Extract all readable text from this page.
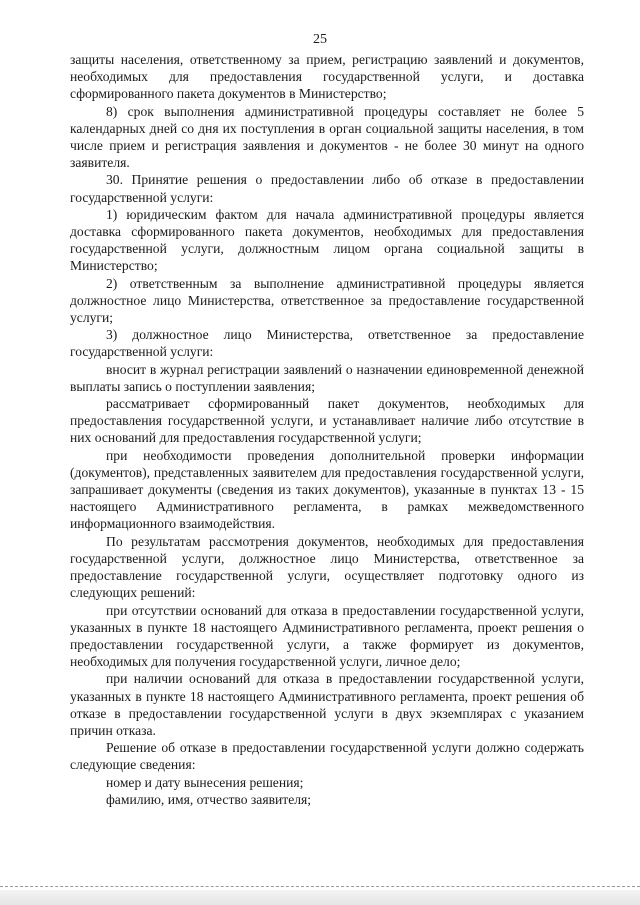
25

защиты населения, ответственному за прием, регистрацию заявлений и документов, необходимых для предоставления государственной услуги, и доставка сформированного пакета документов в Министерство;

8) срок выполнения административной процедуры составляет не более 5 календарных дней со дня их поступления в орган социальной защиты населения, в том числе прием и регистрация заявления и документов - не более 30 минут на одного заявителя.

30. Принятие решения о предоставлении либо об отказе в предоставлении государственной услуги:

1) юридическим фактом для начала административной процедуры является доставка сформированного пакета документов, необходимых для предоставления государственной услуги, должностным лицом органа социальной защиты в Министерство;

2) ответственным за выполнение административной процедуры является должностное лицо Министерства, ответственное за предоставление государственной услуги;

3) должностное лицо Министерства, ответственное за предоставление государственной услуги:

вносит в журнал регистрации заявлений о назначении единовременной денежной выплаты запись о поступлении заявления;

рассматривает сформированный пакет документов, необходимых для предоставления государственной услуги, и устанавливает наличие либо отсутствие в них оснований для предоставления государственной услуги;

при необходимости проведения дополнительной проверки информации (документов), представленных заявителем для предоставления государственной услуги, запрашивает документы (сведения из таких документов), указанные в пунктах 13 - 15 настоящего Административного регламента, в рамках межведомственного информационного взаимодействия.

По результатам рассмотрения документов, необходимых для предоставления государственной услуги, должностное лицо Министерства, ответственное за предоставление государственной услуги, осуществляет подготовку одного из следующих решений:

при отсутствии оснований для отказа в предоставлении государственной услуги, указанных в пункте 18 настоящего Административного регламента, проект решения о предоставлении государственной услуги, а также формирует из документов, необходимых для получения государственной услуги, личное дело;

при наличии оснований для отказа в предоставлении государственной услуги, указанных в пункте 18 настоящего Административного регламента, проект решения об отказе в предоставлении государственной услуги в двух экземплярах с указанием причин отказа.

Решение об отказе в предоставлении государственной услуги должно содержать следующие сведения:

номер и дату вынесения решения;

фамилию, имя, отчество заявителя;
